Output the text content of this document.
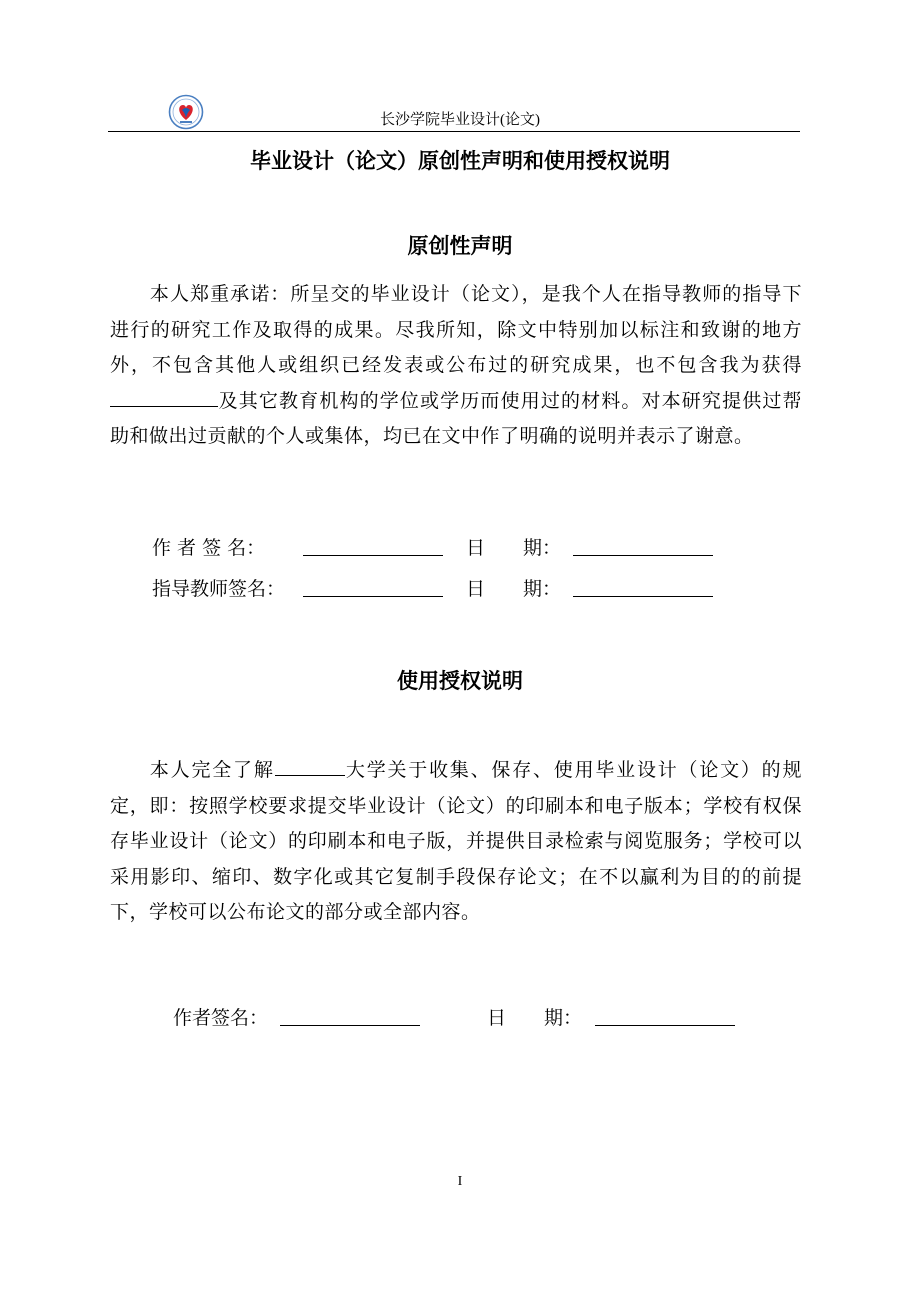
长沙学院毕业设计(论文)
毕业设计（论文）原创性声明和使用授权说明
原创性声明

本人郑重承诺：所呈交的毕业设计（论文），是我个人在指导教师的指导下进行的研究工作及取得的成果。尽我所知，除文中特别加以标注和致谢的地方外，不包含其他人或组织已经发表或公布过的研究成果，也不包含我为获得及其它教育机构的学位或学历而使用过的材料。对本研究提供过帮助和做出过贡献的个人或集体，均已在文中作了明确的说明并表示了谢意。

作 者 签 名：	日　　期：
指导教师签名：	日　　期：
使用授权说明

本人完全了解	大学关于收集、保存、使用毕业设计（论文）的规定，即：按照学校要求提交毕业设计（论文）的印刷本和电子版本；学校有权保存毕业设计（论文）的印刷本和电子版，并提供目录检索与阅览服务；学校可以采用影印、缩印、数字化或其它复制手段保存论文；在不以赢利为目的的前提下，学校可以公布论文的部分或全部内容。

作者签名：	日　　期：
I
